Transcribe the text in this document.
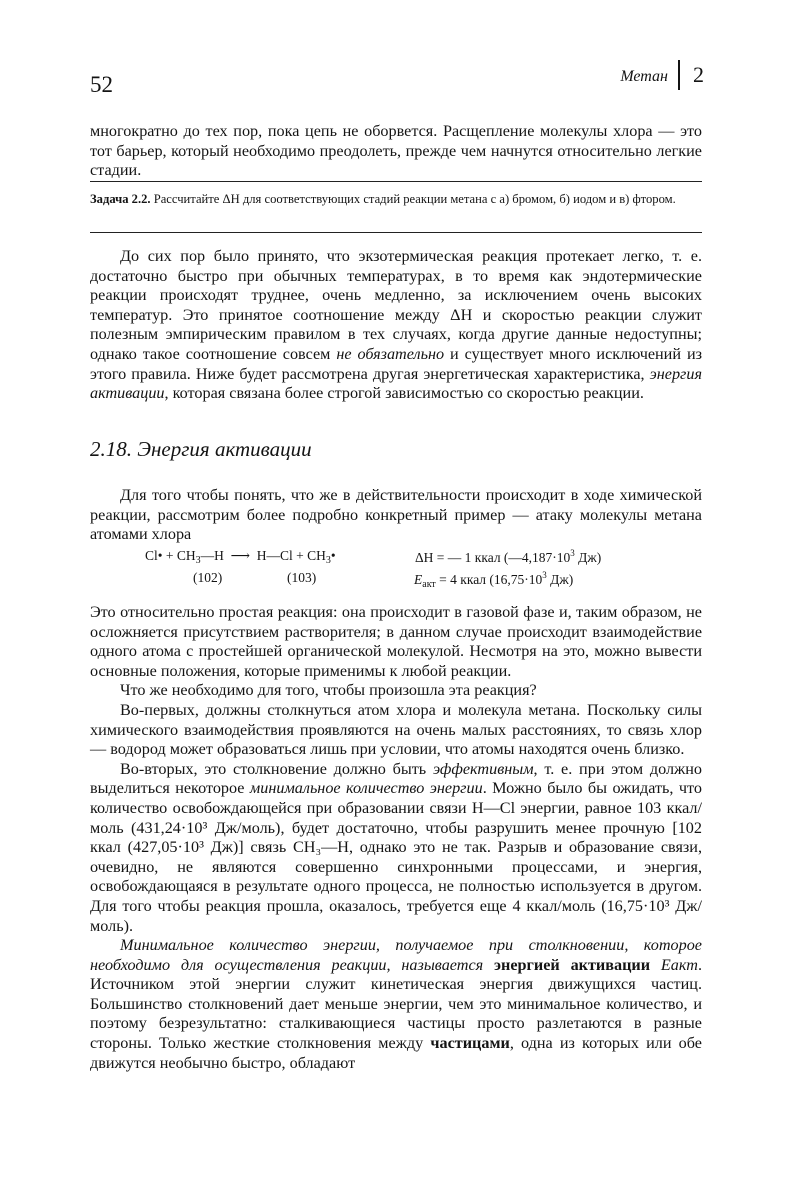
52	Метан 2

многократно до тех пор, пока цепь не оборвется. Расщепление молекулы хлора — это тот барьер, который необходимо преодолеть, прежде чем начнутся относительно легкие стадии.

Задача 2.2. Рассчитайте ΔH для соответствующих стадий реакции метана с а) бромом, б) иодом и в) фтором.

До сих пор было принято, что экзотермическая реакция протекает легко, т. е. достаточно быстро при обычных температурах, в то время как эндотермические реакции происходят труднее, очень медленно, за исключением очень высоких температур. Это принятое соотношение между ΔH и скоростью реакции служит полезным эмпирическим правилом в тех случаях, когда другие данные недоступны; однако такое соотношение совсем не обязательно и существует много исключений из этого правила. Ниже будет рассмотрена другая энергетическая характеристика, энергия активации, которая связана более строгой зависимостью со скоростью реакции.

2.18. Энергия активации

Для того чтобы понять, что же в действительности происходит в ходе химической реакции, рассмотрим более подробно конкретный пример — атаку молекулы метана атомами хлора

Cl• + $CH_3—H$ ⟶ H—Cl + $CH_3•$	ΔH = — 1 ккал ($—4,187\cdot 10^3$ Дж)
(102)	(103)	$E_{акт} = 4$ ккал ($16,75\cdot 10^3$ Дж)

Это относительно простая реакция: она происходит в газовой фазе и, таким образом, не осложняется присутствием растворителя; в данном случае происходит взаимодействие одного атома с простейшей органической молекулой. Несмотря на это, можно вывести основные положения, которые применимы к любой реакции.

Что же необходимо для того, чтобы произошла эта реакция?

Во-первых, должны столкнуться атом хлора и молекула метана. Поскольку силы химического взаимодействия проявляются на очень малых расстояниях, то связь хлор — водород может образоваться лишь при условии, что атомы находятся очень близко.

Во-вторых, это столкновение должно быть эффективным, т. е. при этом должно выделиться некоторое минимальное количество энергии. Можно было бы ожидать, что количество освобождающейся при образовании связи H—Cl энергии, равное 103 ккал/моль (431,24·10³ Дж/моль), будет достаточно, чтобы разрушить менее прочную [102 ккал (427,05·10³ Дж)] связь CH₃—H, однако это не так. Разрыв и образование связи, очевидно, не являются совершенно синхронными процессами, и энергия, освобождающаяся в результате одного процесса, не полностью используется в другом. Для того чтобы реакция прошла, оказалось, требуется еще 4 ккал/моль (16,75·10³ Дж/моль).

Минимальное количество энергии, получаемое при столкновении, которое необходимо для осуществления реакции, называется энергией активации Eакт. Источником этой энергии служит кинетическая энергия движущихся частиц. Большинство столкновений дает меньше энергии, чем это минимальное количество, и поэтому безрезультатно: сталкивающиеся частицы просто разлетаются в разные стороны. Только жесткие столкновения между частицами, одна из которых или обе движутся необычно быстро, обладают
